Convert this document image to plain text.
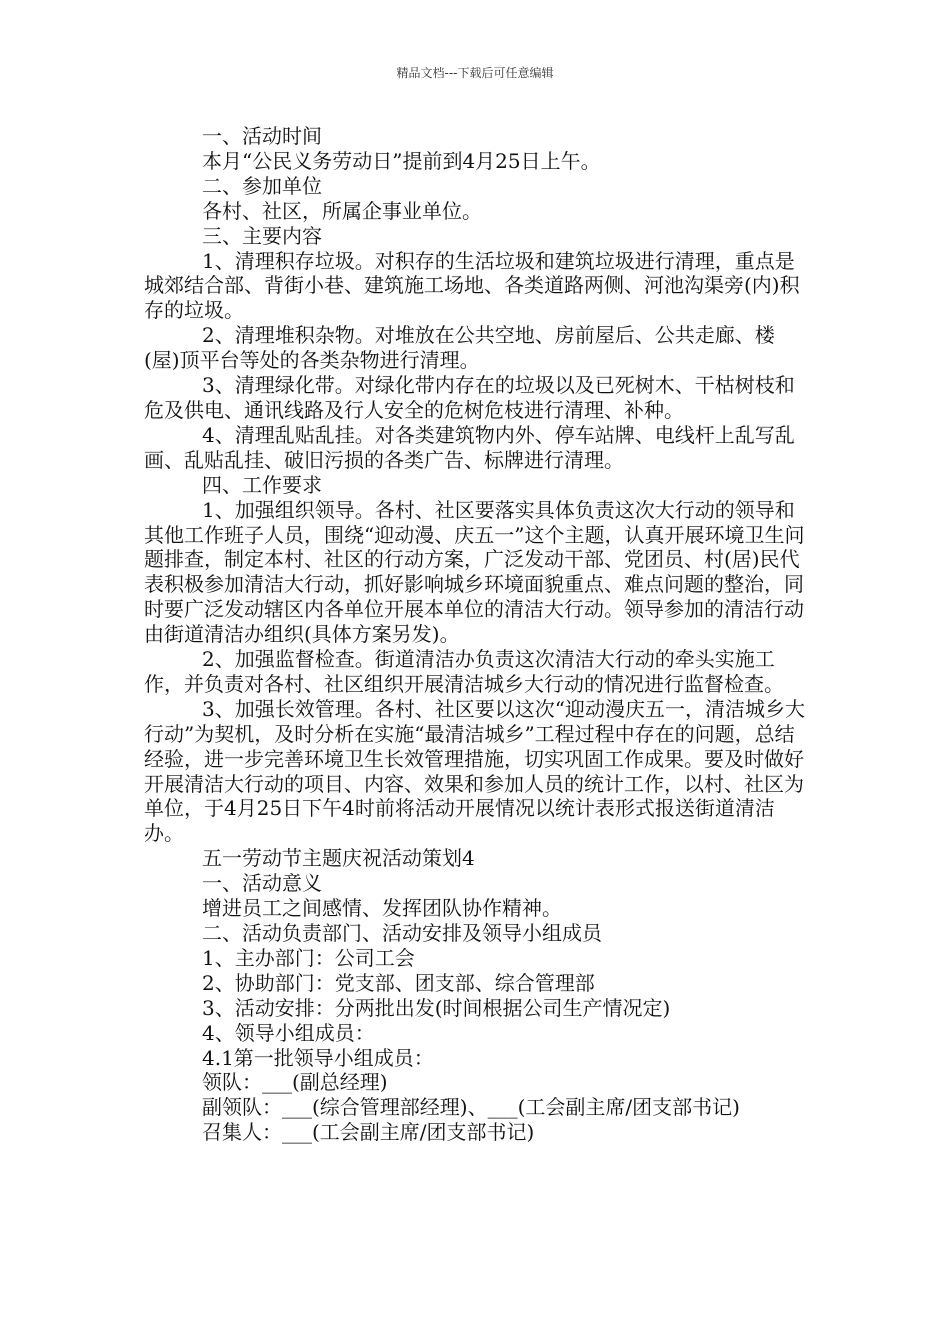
精品文档---下载后可任意编辑

一、活动时间

本月“公民义务劳动日”提前到4月25日上午。

二、参加单位

各村、社区，所属企事业单位。

三、主要内容

1、清理积存垃圾。对积存的生活垃圾和建筑垃圾进行清理，重点是城郊结合部、背街小巷、建筑施工场地、各类道路两侧、河池沟渠旁(内)积存的垃圾。

2、清理堆积杂物。对堆放在公共空地、房前屋后、公共走廊、楼(屋)顶平台等处的各类杂物进行清理。

3、清理绿化带。对绿化带内存在的垃圾以及已死树木、干枯树枝和危及供电、通讯线路及行人安全的危树危枝进行清理、补种。

4、清理乱贴乱挂。对各类建筑物内外、停车站牌、电线杆上乱写乱画、乱贴乱挂、破旧污损的各类广告、标牌进行清理。

四、工作要求

1、加强组织领导。各村、社区要落实具体负责这次大行动的领导和其他工作班子人员，围绕“迎动漫、庆五一”这个主题，认真开展环境卫生问题排查，制定本村、社区的行动方案，广泛发动干部、党团员、村(居)民代表积极参加清洁大行动，抓好影响城乡环境面貌重点、难点问题的整治，同时要广泛发动辖区内各单位开展本单位的清洁大行动。领导参加的清洁行动由街道清洁办组织(具体方案另发)。

2、加强监督检查。街道清洁办负责这次清洁大行动的牵头实施工作，并负责对各村、社区组织开展清洁城乡大行动的情况进行监督检查。

3、加强长效管理。各村、社区要以这次“迎动漫庆五一，清洁城乡大行动”为契机，及时分析在实施“最清洁城乡”工程过程中存在的问题，总结经验，进一步完善环境卫生长效管理措施，切实巩固工作成果。要及时做好开展清洁大行动的项目、内容、效果和参加人员的统计工作，以村、社区为单位，于4月25日下午4时前将活动开展情况以统计表形式报送街道清洁办。

五一劳动节主题庆祝活动策划4

一、活动意义

增进员工之间感情、发挥团队协作精神。

二、活动负责部门、活动安排及领导小组成员

1、主办部门：公司工会

2、协助部门：党支部、团支部、综合管理部

3、活动安排：分两批出发(时间根据公司生产情况定)

4、领导小组成员：

4.1第一批领导小组成员：

领队：___(副总经理)

副领队：___(综合管理部经理)、___(工会副主席/团支部书记)

召集人：___(工会副主席/团支部书记)
